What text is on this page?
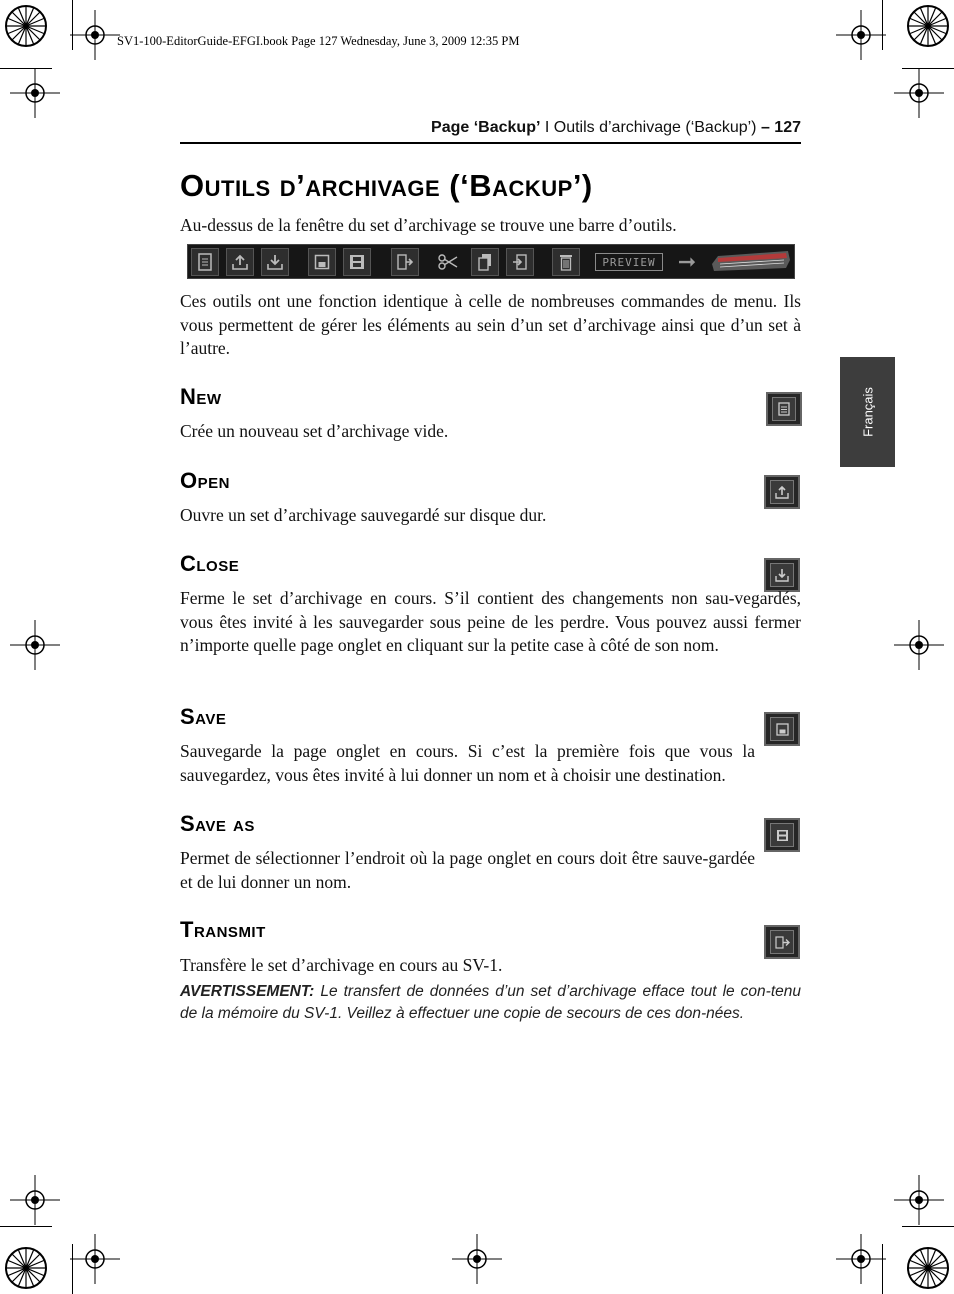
SV1-100-EditorGuide-EFGI.book Page 127 Wednesday, June 3, 2009 12:35 PM
Page ‘Backup’ I Outils d’archivage (‘Backup’) – 127
Français
Outils d’archivage (‘Backup’)
Au-dessus de la fenêtre du set d’archivage se trouve une barre d’outils.
PREVIEW	➞
Ces outils ont une fonction identique à celle de nombreuses commandes de menu. Ils vous permettent de gérer les éléments au sein d’un set d’archivage ainsi que d’un set à l’autre.
New
Crée un nouveau set d’archivage vide.
Open
Ouvre un set d’archivage sauvegardé sur disque dur.
Close
Ferme le set d’archivage en cours. S’il contient des changements non sau-vegardés, vous êtes invité à les sauvegarder sous peine de les perdre. Vous pouvez aussi fermer n’importe quelle page onglet en cliquant sur la petite case à côté de son nom.
Save
Sauvegarde la page onglet en cours. Si c’est la première fois que vous la sauvegardez, vous êtes invité à lui donner un nom et à choisir une destination.
Save as
Permet de sélectionner l’endroit où la page onglet en cours doit être sauve-gardée et de lui donner un nom.
Transmit
Transfère le set d’archivage en cours au SV-1.
AVERTISSEMENT: Le transfert de données d’un set d’archivage efface tout le con-tenu de la mémoire du SV-1. Veillez à effectuer une copie de secours de ces don-nées.
